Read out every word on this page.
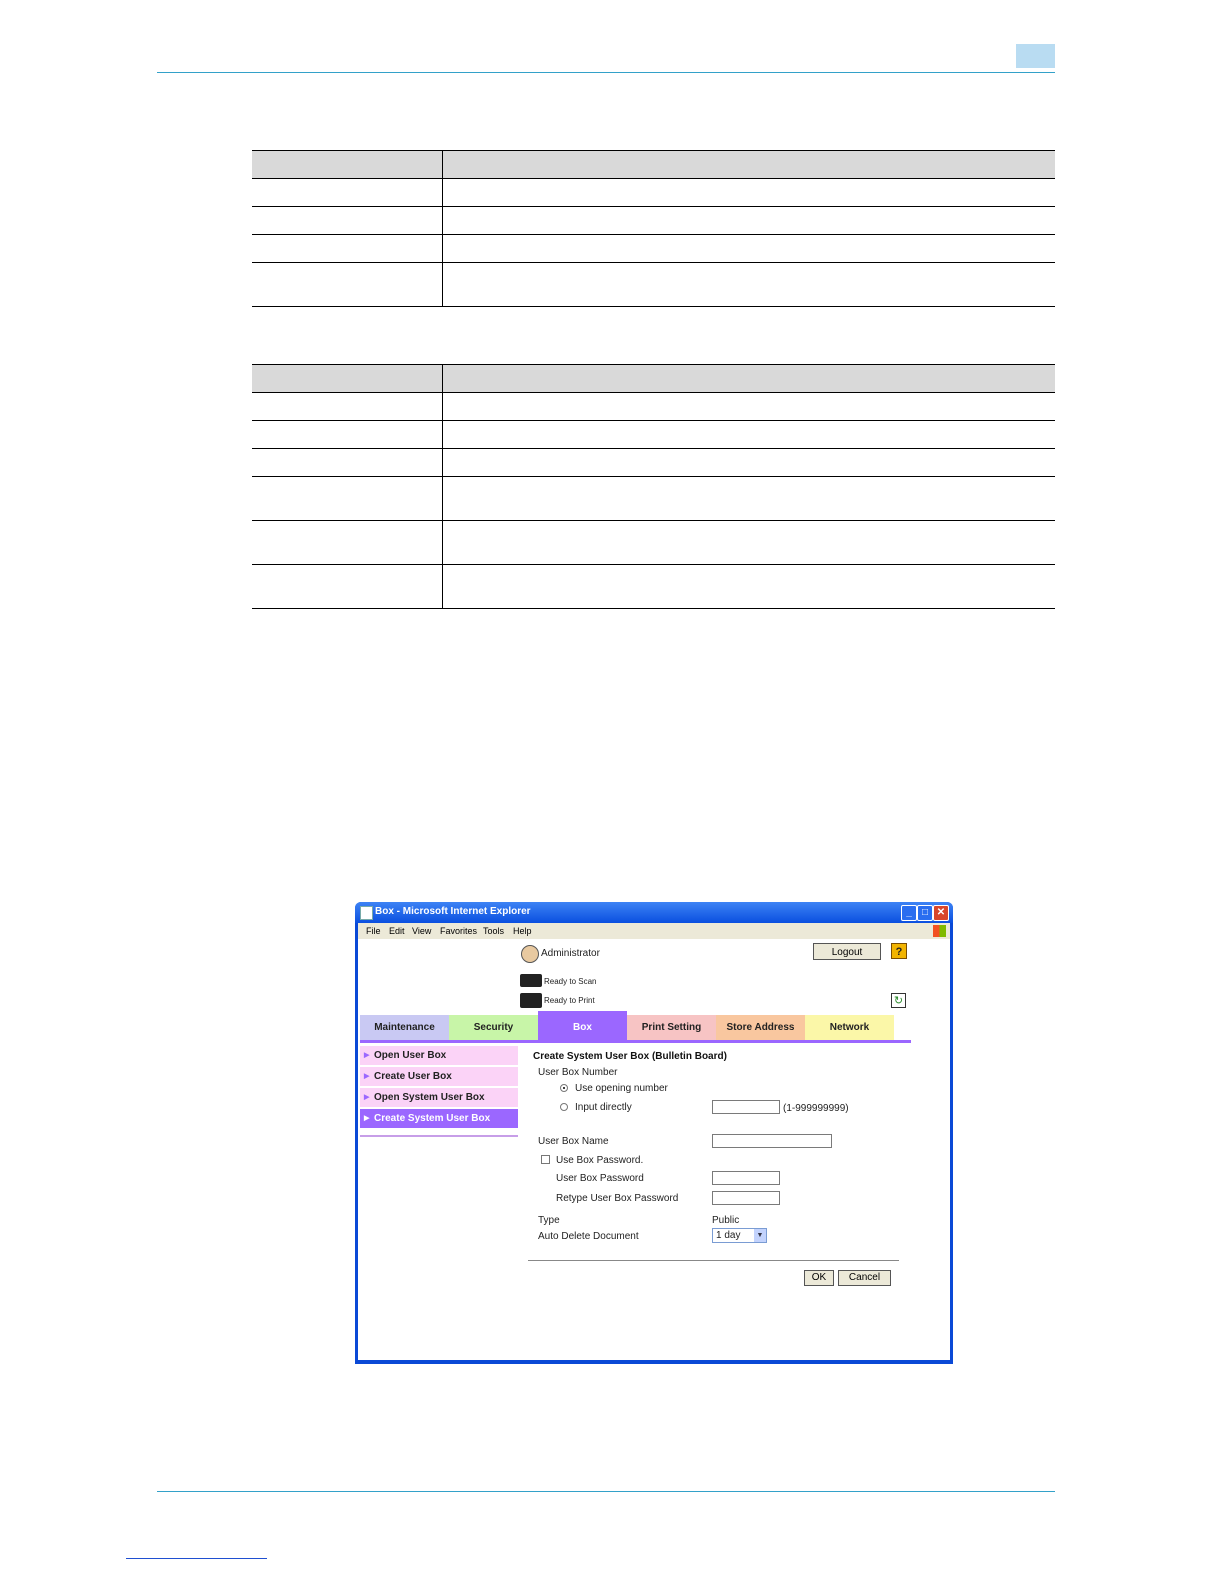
Box - Microsoft Internet Explorer	_	□ ✕
File Edit View Favorites Tools Help
Administrator	Logout	?
Ready to Scan
Ready to Print	↻
Maintenance	Security	Box	Print Setting	Store Address	Network
▶ Open User Box
▶ Create User Box
▶ Open System User Box
▶ Create System User Box
Create System User Box (Bulletin Board)
User Box Number
Use opening number
Input directly	(1-999999999)
User Box Name
Use Box Password.
User Box Password
Retype User Box Password
Type	Public
Auto Delete Document	1 day	▼
OK	Cancel
